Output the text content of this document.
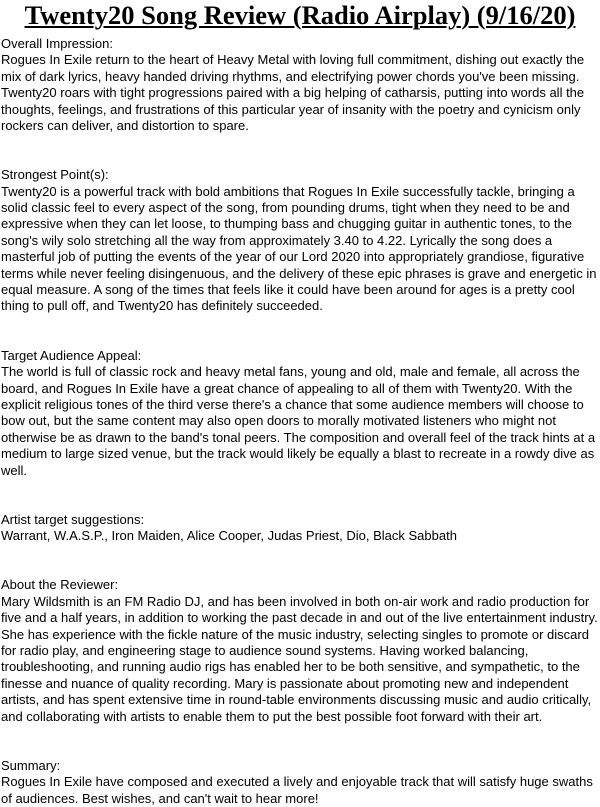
Twenty20 Song Review (Radio Airplay) (9/16/20)
Overall Impression:
Rogues In Exile return to the heart of Heavy Metal with loving full commitment, dishing out exactly the mix of dark lyrics, heavy handed driving rhythms, and electrifying power chords you've been missing. Twenty20 roars with tight progressions paired with a big helping of catharsis, putting into words all the thoughts, feelings, and frustrations of this particular year of insanity with the poetry and cynicism only rockers can deliver, and distortion to spare.
Strongest Point(s):
Twenty20 is a powerful track with bold ambitions that Rogues In Exile successfully tackle, bringing a solid classic feel to every aspect of the song, from pounding drums, tight when they need to be and expressive when they can let loose, to thumping bass and chugging guitar in authentic tones, to the song's wily solo stretching all the way from approximately 3.40 to 4.22. Lyrically the song does a masterful job of putting the events of the year of our Lord 2020 into appropriately grandiose, figurative terms while never feeling disingenuous, and the delivery of these epic phrases is grave and energetic in equal measure. A song of the times that feels like it could have been around for ages is a pretty cool thing to pull off, and Twenty20 has definitely succeeded.
Target Audience Appeal:
The world is full of classic rock and heavy metal fans, young and old, male and female, all across the board, and Rogues In Exile have a great chance of appealing to all of them with Twenty20. With the explicit religious tones of the third verse there's a chance that some audience members will choose to bow out, but the same content may also open doors to morally motivated listeners who might not otherwise be as drawn to the band's tonal peers. The composition and overall feel of the track hints at a medium to large sized venue, but the track would likely be equally a blast to recreate in a rowdy dive as well.
Artist target suggestions:
Warrant, W.A.S.P., Iron Maiden, Alice Cooper, Judas Priest, Dio, Black Sabbath
About the Reviewer:
Mary Wildsmith is an FM Radio DJ, and has been involved in both on-air work and radio production for five and a half years, in addition to working the past decade in and out of the live entertainment industry. She has experience with the fickle nature of the music industry, selecting singles to promote or discard for radio play, and engineering stage to audience sound systems. Having worked balancing, troubleshooting, and running audio rigs has enabled her to be both sensitive, and sympathetic, to the finesse and nuance of quality recording. Mary is passionate about promoting new and independent artists, and has spent extensive time in round-table environments discussing music and audio critically, and collaborating with artists to enable them to put the best possible foot forward with their art.
Summary:
Rogues In Exile have composed and executed a lively and enjoyable track that will satisfy huge swaths of audiences. Best wishes, and can't wait to hear more!
